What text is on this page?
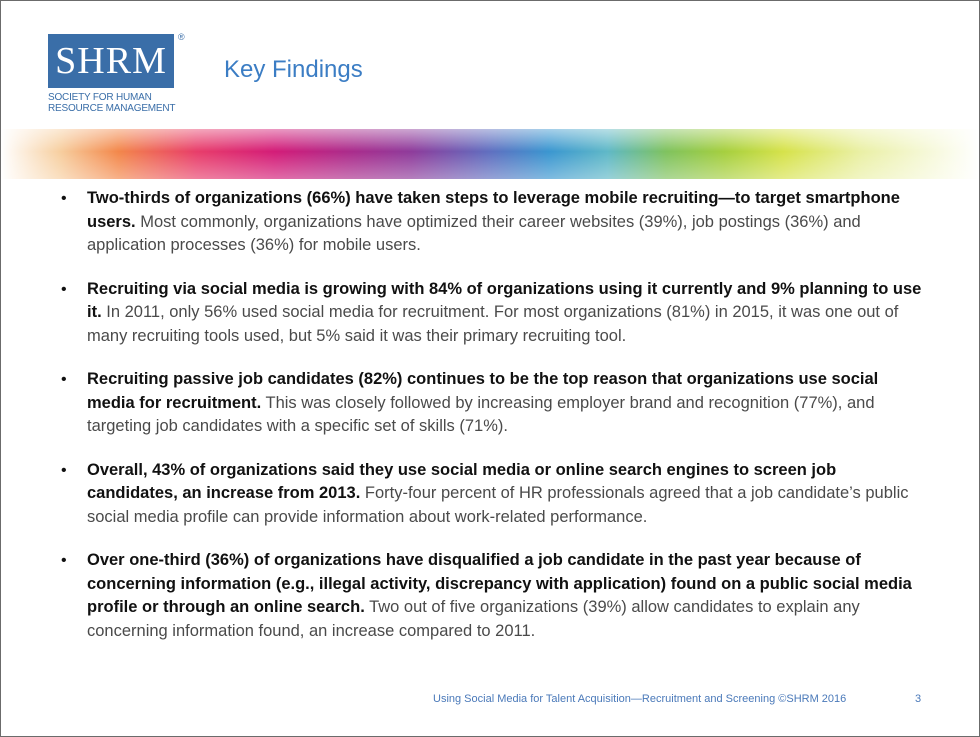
SHRM
®
SOCIETY FOR HUMAN
RESOURCE MANAGEMENT
Key Findings
• Two-thirds of organizations (66%) have taken steps to leverage mobile recruiting—to target smartphone users. Most commonly, organizations have optimized their career websites (39%), job postings (36%) and application processes (36%) for mobile users.
• Recruiting via social media is growing with 84% of organizations using it currently and 9% planning to use it. In 2011, only 56% used social media for recruitment. For most organizations (81%) in 2015, it was one out of many recruiting tools used, but 5% said it was their primary recruiting tool.
• Recruiting passive job candidates (82%) continues to be the top reason that organizations use social media for recruitment. This was closely followed by increasing employer brand and recognition (77%), and targeting job candidates with a specific set of skills (71%).
• Overall, 43% of organizations said they use social media or online search engines to screen job candidates, an increase from 2013. Forty-four percent of HR professionals agreed that a job candidate’s public social media profile can provide information about work-related performance.
• Over one-third (36%) of organizations have disqualified a job candidate in the past year because of concerning information (e.g., illegal activity, discrepancy with application) found on a public social media profile or through an online search. Two out of five organizations (39%) allow candidates to explain any concerning information found, an increase compared to 2011.
Using Social Media for Talent Acquisition—Recruitment and Screening ©SHRM 2016	3
